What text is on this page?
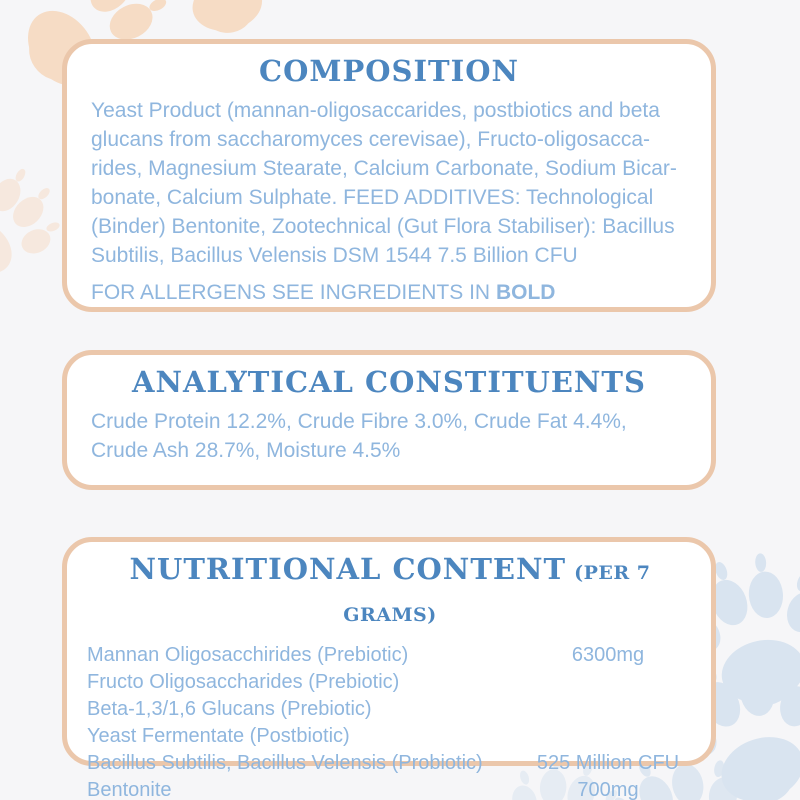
COMPOSITION
Yeast Product (mannan-oligosaccarides, postbiotics and beta
glucans from saccharomyces cerevisae), Fructo-oligosacca-
rides, Magnesium Stearate, Calcium Carbonate, Sodium Bicar-
bonate, Calcium Sulphate. FEED ADDITIVES: Technological
(Binder) Bentonite, Zootechnical (Gut Flora Stabiliser): Bacillus
Subtilis, Bacillus Velensis DSM 1544 7.5 Billion CFU
FOR ALLERGENS SEE INGREDIENTS IN BOLD
ANALYTICAL CONSTITUENTS
Crude Protein 12.2%, Crude Fibre 3.0%, Crude Fat 4.4%,
Crude Ash 28.7%, Moisture 4.5%
NUTRITIONAL CONTENT (PER 7 GRAMS)
Mannan Oligosacchirides (Prebiotic)	6300mg
Fructo Oligosaccharides (Prebiotic)
Beta-1,3/1,6 Glucans (Prebiotic)
Yeast Fermentate (Postbiotic)
Bacillus Subtilis, Bacillus Velensis (Probiotic)	525 Million CFU
Bentonite	700mg
